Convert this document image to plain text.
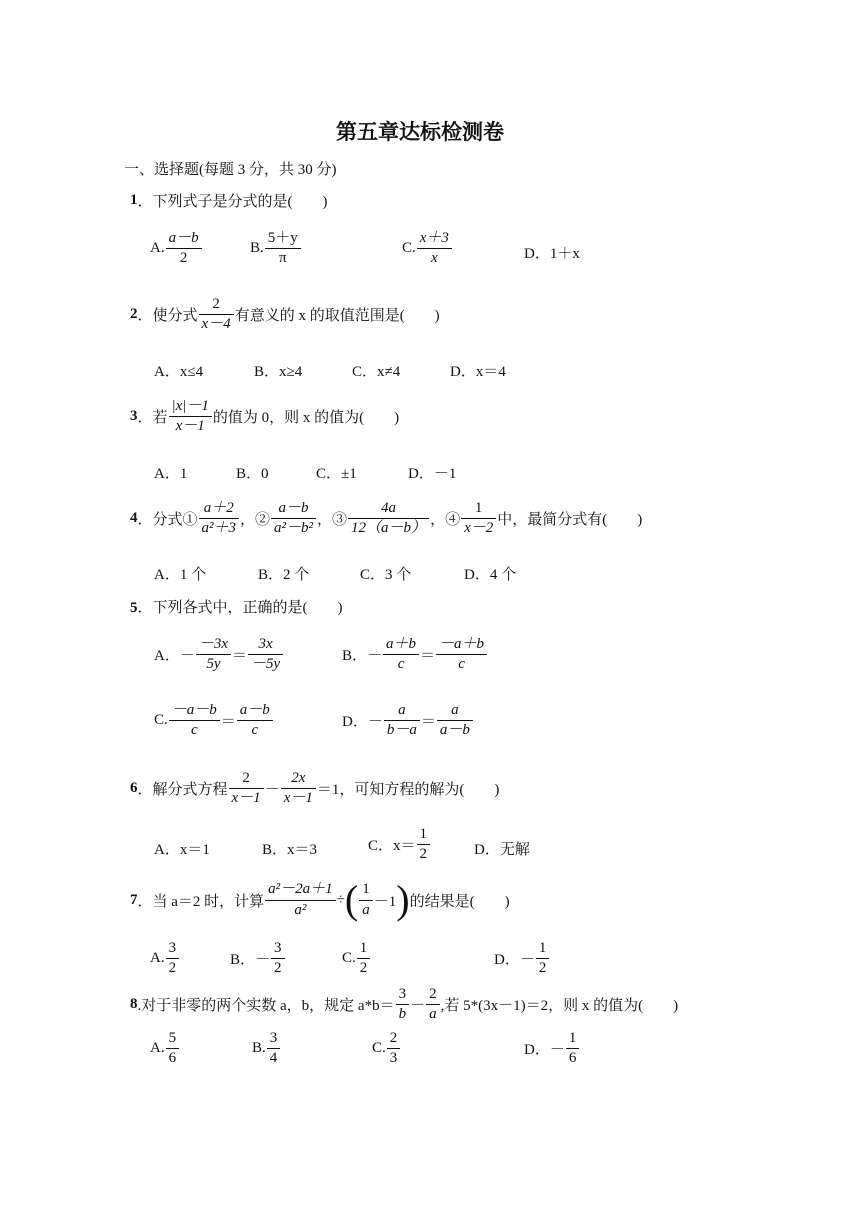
第五章达标检测卷
一、选择题(每题 3 分，共 30 分)
1 ．下列式子是分式的是(　　)
A. $\frac{a-b}{2}$	B. $\frac{5+y}{\pi}$	C. $\frac{x+3}{x}$	D．1＋x
2 ．使分式 $\frac{2}{x-4}$ 有意义的 x 的取值范围是(　　)
A．x≤4	B．x≥4	C．x≠4	D．x＝4
3 ．若 $\frac{|x|-1}{x-1}$ 的值为 0，则 x 的值为(　　)
A．1	B．0	C．±1	D．－1
4 ．分式① $\frac{a+2}{\text{a²＋3}}$ ，② $\frac{a-b}{\text{a²－b²}}$ ，③ $\frac{4a}{12(a-b)}$ ，④ $\frac{1}{x-2}$ 中，最简分式有(　　)
A．1 个	B．2 个	C．3 个	D．4 个
5．下列各式中，正确的是(　　)
A．－ $\frac{-3x}{5y} = \frac{3x}{-5y}$	B．－ $\frac{a+b}{c} = \frac{-a+b}{c}$
C. $\frac{-a-b}{c} = \frac{a-b}{c}$	D．－ $\frac{a}{b-a} = \frac{a}{a-b}$
6 ．解分式方程 $\frac{2}{x-1} - \frac{2x}{x-1} =1$，可知方程的解为(　　)
A．x＝1	B．x＝3	C．$x= \frac{1}{2}$	D．无解
7 ．当 a＝2 时，计算 $\frac{\text{a²－2a＋1}}{\text{a²}}$ ÷ ( $\frac{1}{a} -1$ ) 的结果是(　　)
A. $\frac{3}{2}$	B．－ $\frac{3}{2}$	C. $\frac{1}{2}$	D．－ $\frac{1}{2}$
8 .对于非零的两个实数 a，b，规定 $a*b= \frac{3}{b} - \frac{2}{a}$ ,若 5*(3x－1)＝2，则 x 的值为(　　)
A. $\frac{5}{6}$	B. $\frac{3}{4}$	C. $\frac{2}{3}$	D．－ $\frac{1}{6}$
